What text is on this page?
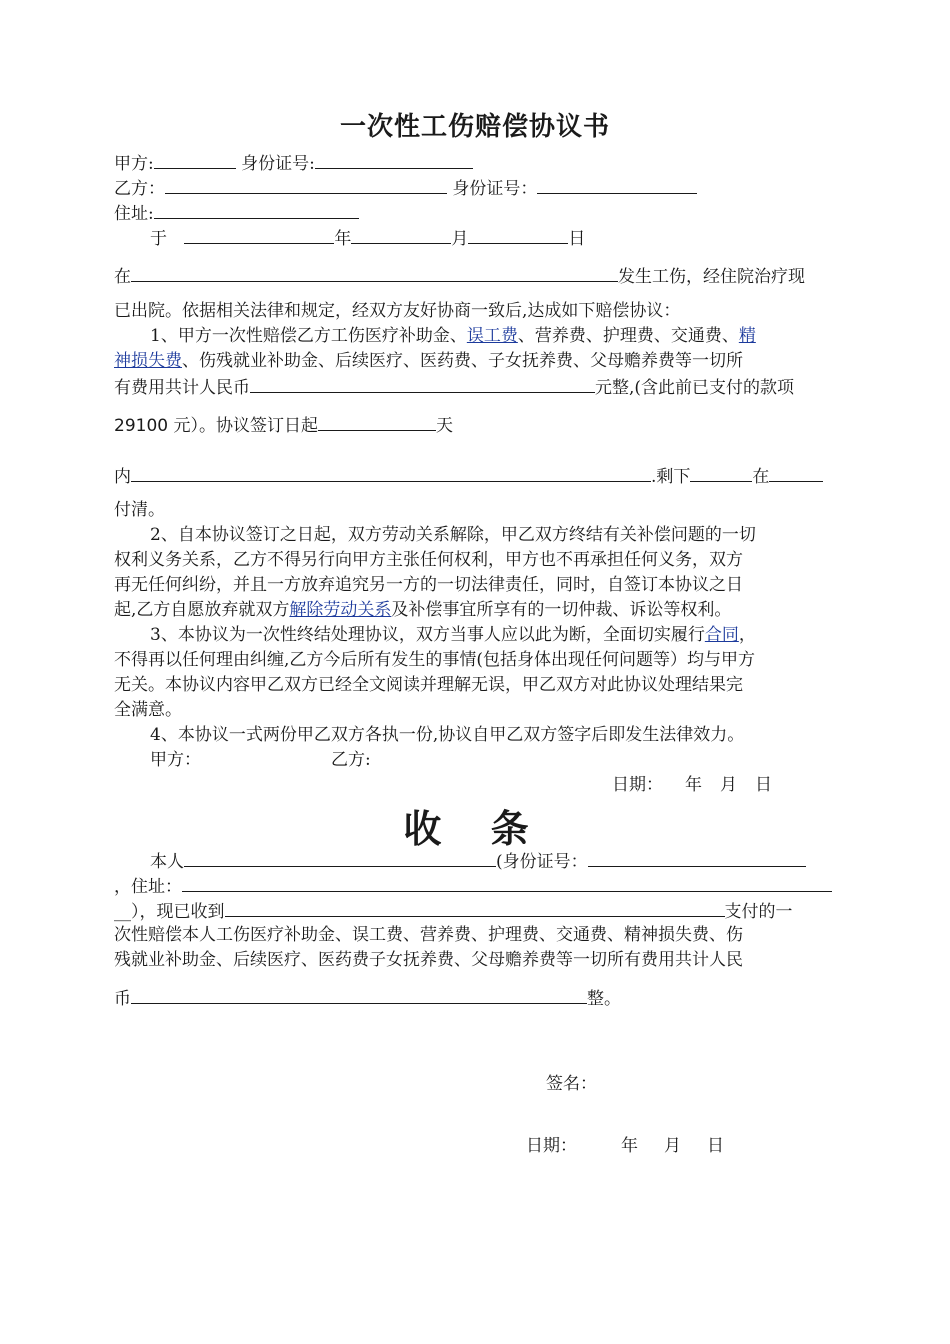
一次性工伤赔偿协议书
甲方:	身份证号:
乙方：	身份证号：
住址:
于	年	月	日
在	发生工伤，经住院治疗现
已出院。依据相关法律和规定，经双方友好协商一致后,达成如下赔偿协议：
1、甲方一次性赔偿乙方工伤医疗补助金、误工费、营养费、护理费、交通费、精
神损失费、伤残就业补助金、后续医疗、医药费、子女抚养费、父母赡养费等一切所
有费用共计人民币	元整,(含此前已支付的款项
29100 元）。协议签订日起	天
内	.剩下	在
付清。
2、自本协议签订之日起，双方劳动关系解除，甲乙双方终结有关补偿问题的一切
权利义务关系，乙方不得另行向甲方主张任何权利，甲方也不再承担任何义务，双方
再无任何纠纷，并且一方放弃追究另一方的一切法律责任，同时，自签订本协议之日
起,乙方自愿放弃就双方解除劳动关系及补偿事宜所享有的一切仲裁、诉讼等权利。
3、本协议为一次性终结处理协议，双方当事人应以此为断，全面切实履行合同，
不得再以任何理由纠缠,乙方今后所有发生的事情(包括身体出现任何问题等）均与甲方
无关。本协议内容甲乙双方已经全文阅读并理解无误，甲乙双方对此协议处理结果完
全满意。
4、本协议一式两份甲乙双方各执一份,协议自甲乙双方签字后即发生法律效力。
甲方：	乙方:
日期： 年 月 日
收 条
本人	(身份证号：
，住址：
__），现已收到	支付的一
次性赔偿本人工伤医疗补助金、误工费、营养费、护理费、交通费、精神损失费、伤
残就业补助金、后续医疗、医药费子女抚养费、父母赡养费等一切所有费用共计人民
币	整。
签名：
日期：	年 月 日
